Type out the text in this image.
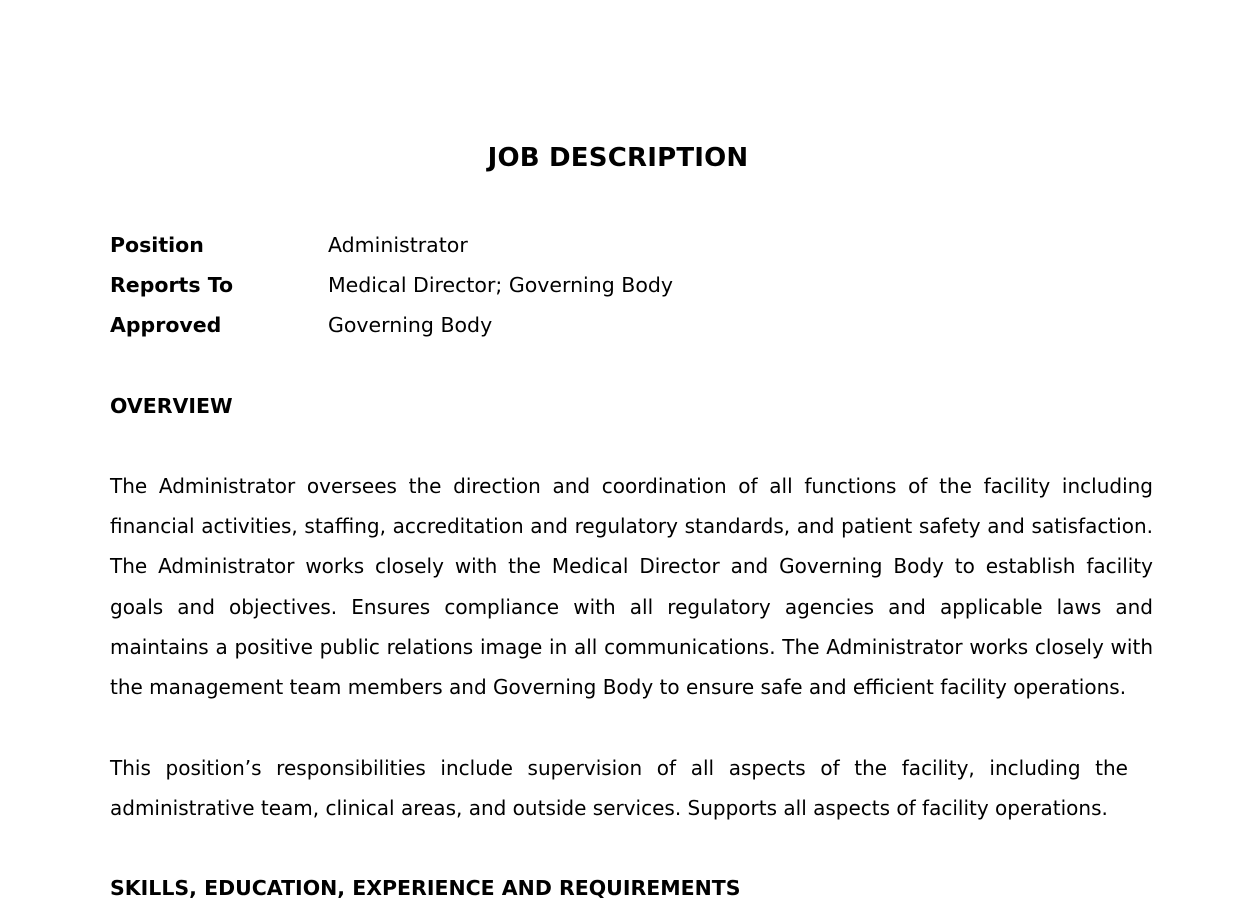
JOB DESCRIPTION
Position	Administrator
Reports To	Medical Director; Governing Body
Approved	Governing Body
OVERVIEW

The Administrator oversees the direction and coordination of all functions of the facility including financial activities, staffing, accreditation and regulatory standards, and patient safety and satisfaction. The Administrator works closely with the Medical Director and Governing Body to establish facility goals and objectives. Ensures compliance with all regulatory agencies and applicable laws and maintains a positive public relations image in all communications. The Administrator works closely with the management team members and Governing Body to ensure safe and efficient facility operations.

This position’s responsibilities include supervision of all aspects of the facility, including the administrative team, clinical areas, and outside services. Supports all aspects of facility operations.

SKILLS, EDUCATION, EXPERIENCE AND REQUIREMENTS
